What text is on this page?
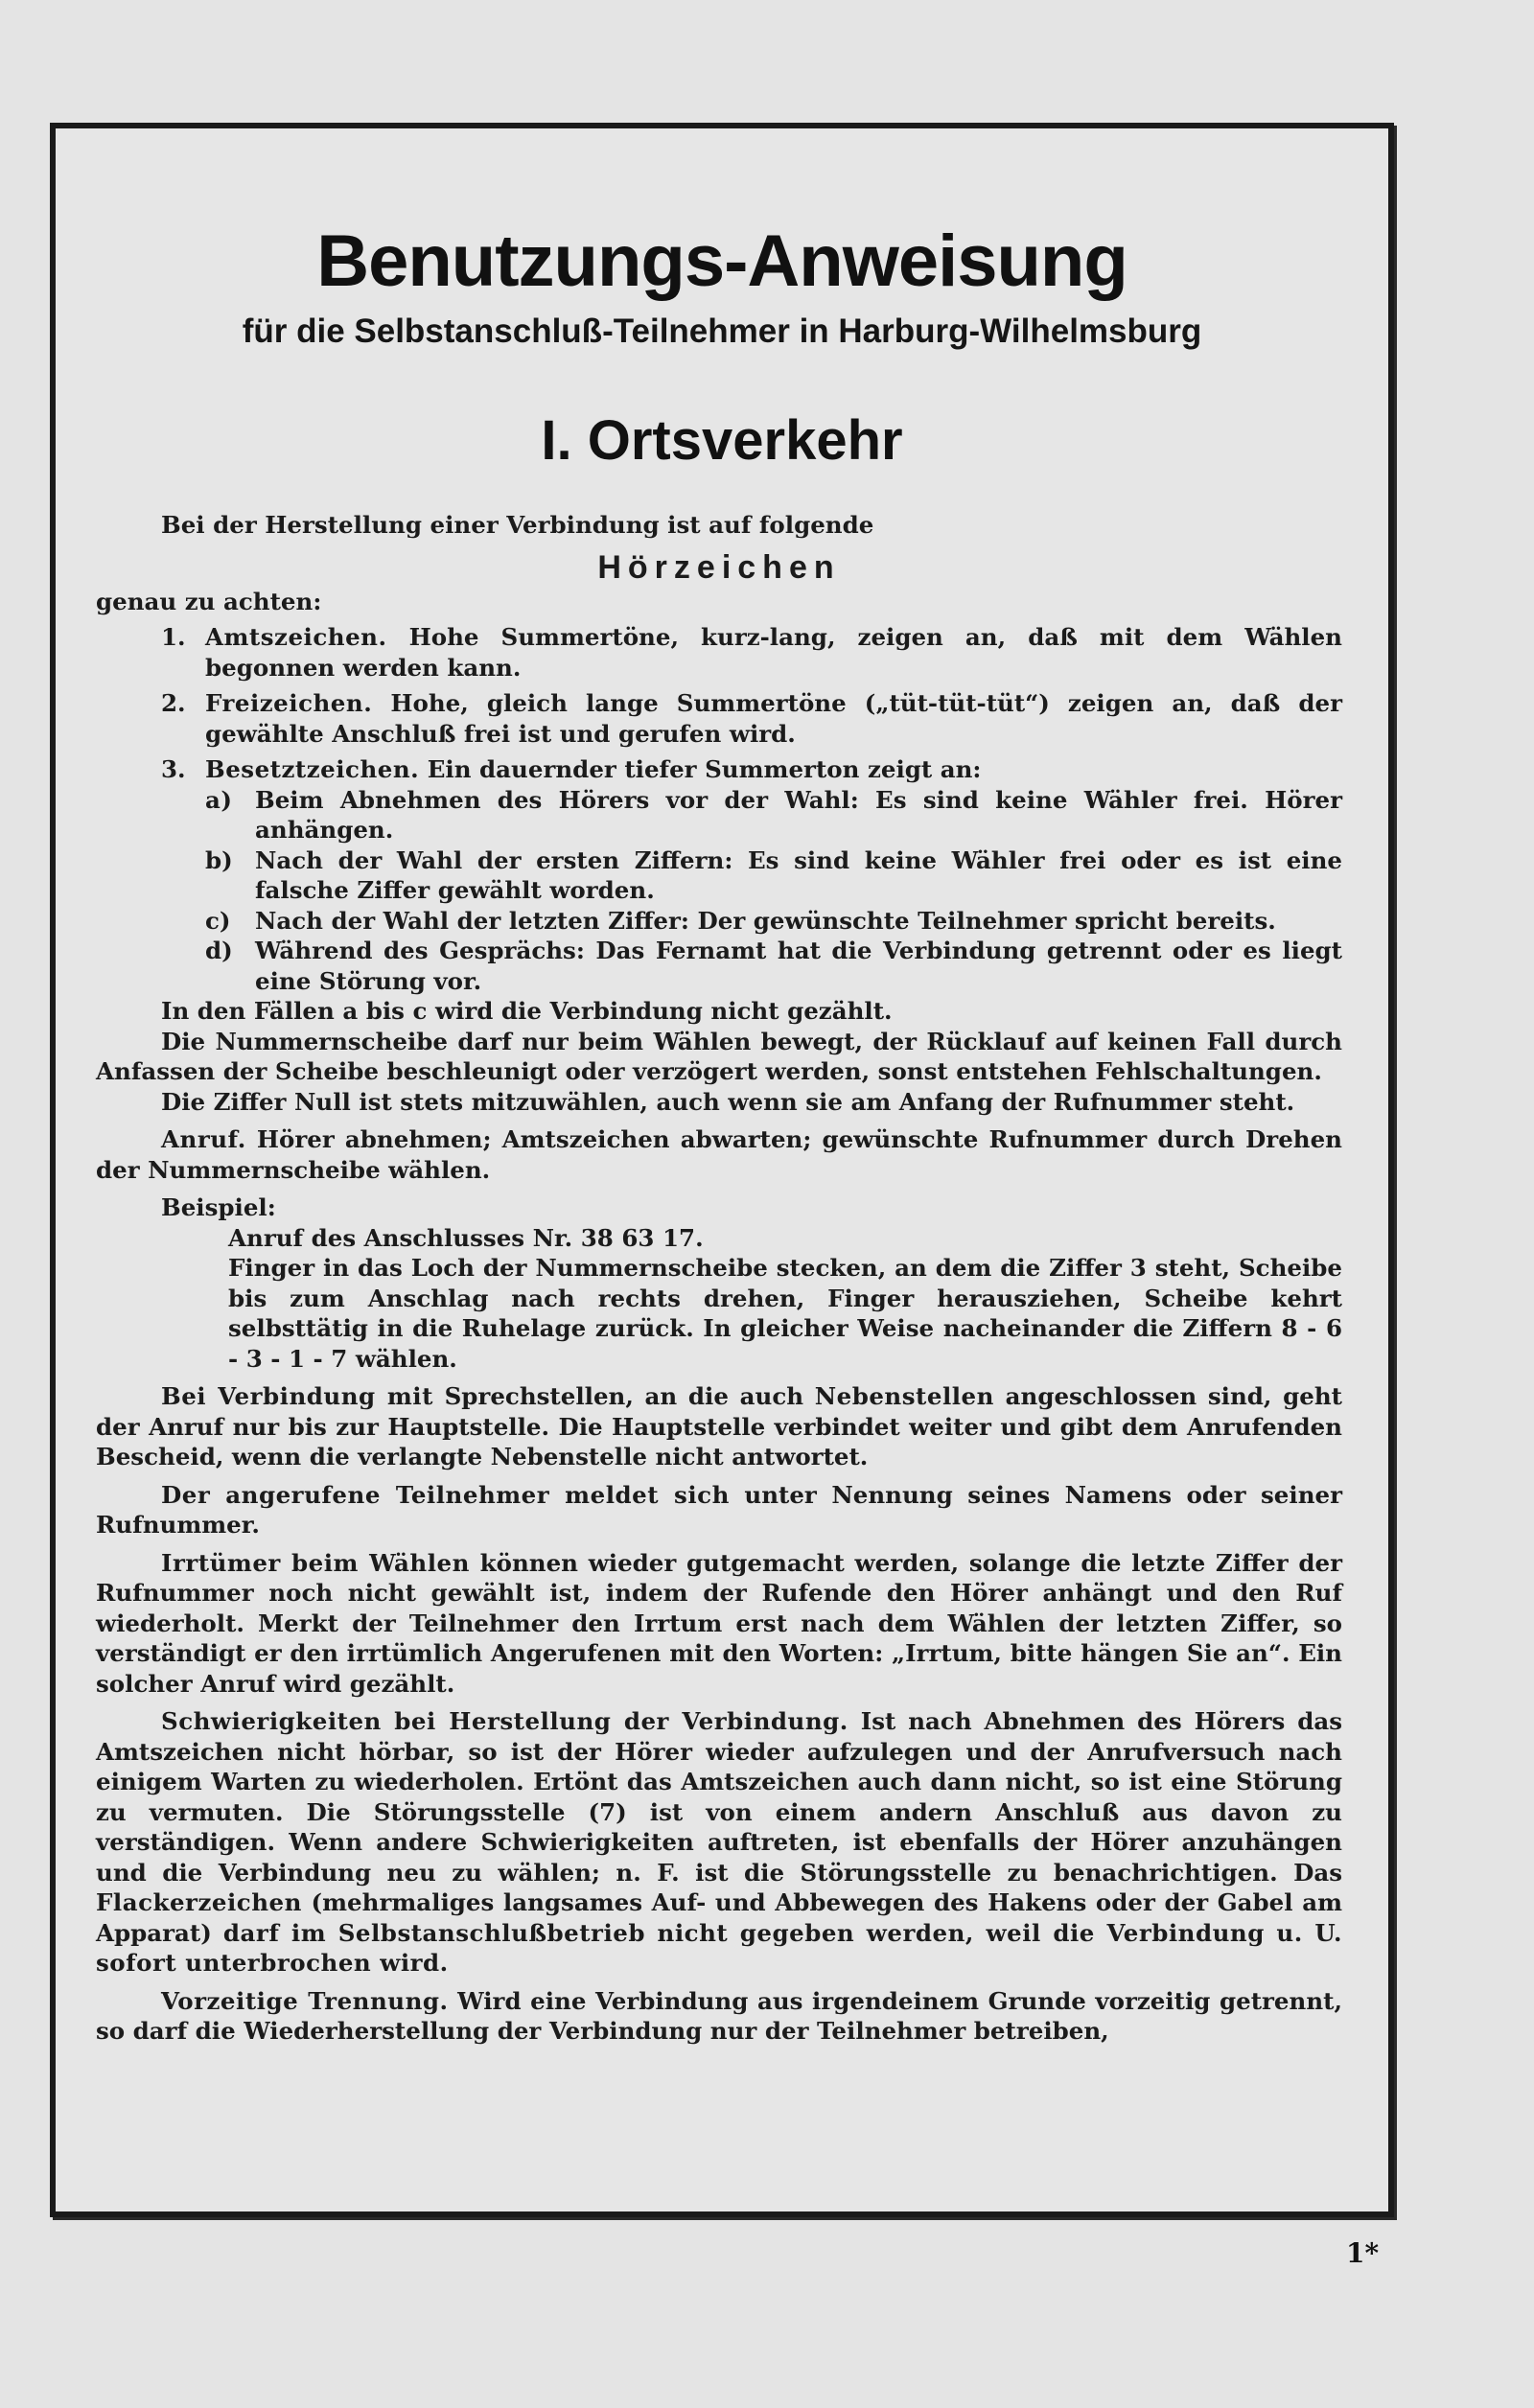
Benutzungs-Anweisung
für die Selbstanschluß-Teilnehmer in Harburg-Wilhelmsburg
I. Ortsverkehr

Bei der Herstellung einer Verbindung ist auf folgende

Hörzeichen

genau zu achten:

1. Amtszeichen. Hohe Summertöne, kurz-lang, zeigen an, daß mit dem Wählen begonnen werden kann.
2. Freizeichen. Hohe, gleich lange Summertöne („tüt-tüt-tüt“) zeigen an, daß der gewählte Anschluß frei ist und gerufen wird.
3. Besetztzeichen. Ein dauernder tiefer Summerton zeigt an:
a) Beim Abnehmen des Hörers vor der Wahl: Es sind keine Wähler frei. Hörer anhängen.
b) Nach der Wahl der ersten Ziffern: Es sind keine Wähler frei oder es ist eine falsche Ziffer gewählt worden.
c)	Nach der Wahl der letzten Ziffer: Der gewünschte Teilnehmer spricht bereits.
d) Während des Gesprächs: Das Fernamt hat die Verbindung getrennt oder es liegt eine Störung vor.

In den Fällen a bis c wird die Verbindung nicht gezählt.

Die Nummernscheibe darf nur beim Wählen bewegt, der Rücklauf auf keinen Fall durch Anfassen der Scheibe beschleunigt oder verzögert werden, sonst entstehen Fehlschaltungen.

Die Ziffer Null ist stets mitzuwählen, auch wenn sie am Anfang der Rufnummer steht.

Anruf. Hörer abnehmen; Amtszeichen abwarten; gewünschte Rufnummer durch Drehen der Nummernscheibe wählen.

Beispiel:

Anruf des Anschlusses Nr. 38 63 17.

Finger in das Loch der Nummernscheibe stecken, an dem die Ziffer 3 steht, Scheibe bis zum Anschlag nach rechts drehen, Finger herausziehen, Scheibe kehrt selbsttätig in die Ruhelage zurück. In gleicher Weise nacheinander die Ziffern 8 - 6 - 3 - 1 - 7 wählen.

Bei Verbindung mit Sprechstellen, an die auch Nebenstellen angeschlossen sind, geht der Anruf nur bis zur Hauptstelle. Die Hauptstelle verbindet weiter und gibt dem Anrufenden Bescheid, wenn die verlangte Nebenstelle nicht antwortet.

Der angerufene Teilnehmer meldet sich unter Nennung seines Namens oder seiner Rufnummer.

Irrtümer beim Wählen können wieder gutgemacht werden, solange die letzte Ziffer der Rufnummer noch nicht gewählt ist, indem der Rufende den Hörer anhängt und den Ruf wiederholt. Merkt der Teilnehmer den Irrtum erst nach dem Wählen der letzten Ziffer, so verständigt er den irrtümlich Angerufenen mit den Worten: „Irrtum, bitte hängen Sie an“. Ein solcher Anruf wird gezählt.

Schwierigkeiten bei Herstellung der Verbindung. Ist nach Abnehmen des Hörers das Amtszeichen nicht hörbar, so ist der Hörer wieder aufzulegen und der Anrufversuch nach einigem Warten zu wiederholen. Ertönt das Amtszeichen auch dann nicht, so ist eine Störung zu vermuten. Die Störungsstelle (7) ist von einem andern Anschluß aus davon zu verständigen. Wenn andere Schwierigkeiten auftreten, ist ebenfalls der Hörer anzuhängen und die Verbindung neu zu wählen; n. F. ist die Störungsstelle zu benachrichtigen. Das Flackerzeichen (mehrmaliges langsames Auf- und Abbewegen des Hakens oder der Gabel am Apparat) darf im Selbstanschlußbetrieb nicht gegeben werden, weil die Verbindung u. U. sofort unterbrochen wird.

Vorzeitige Trennung. Wird eine Verbindung aus irgendeinem Grunde vorzeitig getrennt, so darf die Wiederherstellung der Verbindung nur der Teilnehmer betreiben,

1*
